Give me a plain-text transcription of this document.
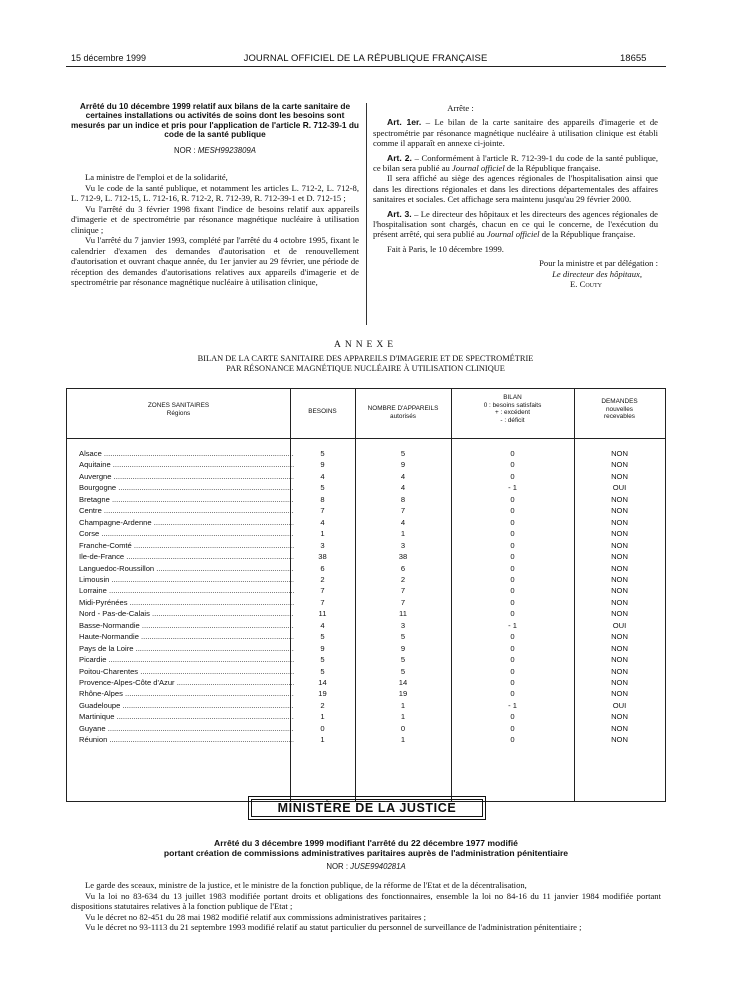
15 décembre 1999	JOURNAL OFFICIEL DE LA RÉPUBLIQUE FRANÇAISE	18655

Arrêté du 10 décembre 1999 relatif aux bilans de la carte sanitaire de certaines installations ou activités de soins dont les besoins sont mesurés par un indice et pris pour l'application de l'article R. 712-39-1 du code de la santé publique

NOR : MESH9923809A

La ministre de l'emploi et de la solidarité,

Vu le code de la santé publique, et notamment les articles L. 712-2, L. 712-8, L. 712-9, L. 712-15, L. 712-16, R. 712-2, R. 712-39, R. 712-39-1 et D. 712-15 ;

Vu l'arrêté du 3 février 1998 fixant l'indice de besoins relatif aux appareils d'imagerie et de spectrométrie par résonance magnétique nucléaire à utilisation clinique ;

Vu l'arrêté du 7 janvier 1993, complété par l'arrêté du 4 octobre 1995, fixant le calendrier d'examen des demandes d'autorisation et de renouvellement d'autorisation et ouvrant chaque année, du 1er janvier au 29 février, une période de réception des demandes d'autorisations relatives aux appareils d'imagerie et de spectrométrie par résonance magnétique nucléaire à utilisation clinique,

Arrête :

Art. 1er. – Le bilan de la carte sanitaire des appareils d'imagerie et de spectrométrie par résonance magnétique nucléaire à utilisation clinique est établi comme il apparaît en annexe ci-jointe.

Art. 2. – Conformément à l'article R. 712-39-1 du code de la santé publique, ce bilan sera publié au Journal officiel de la République française.

Il sera affiché au siège des agences régionales de l'hospitalisation ainsi que dans les directions régionales et dans les directions départementales des affaires sanitaires et sociales. Cet affichage sera maintenu jusqu'au 29 février 2000.

Art. 3. – Le directeur des hôpitaux et les directeurs des agences régionales de l'hospitalisation sont chargés, chacun en ce qui le concerne, de l'exécution du présent arrêté, qui sera publié au Journal officiel de la République française.

Fait à Paris, le 10 décembre 1999.

Pour la ministre et par délégation :

Le directeur des hôpitaux,

E. Couty

ANNEXE
BILAN DE LA CARTE SANITAIRE DES APPAREILS D'IMAGERIE ET DE SPECTROMÉTRIE
PAR RÉSONANCE MAGNÉTIQUE NUCLÉAIRE À UTILISATION CLINIQUE
ZONES SANITAIRES
Régions	BESOINS	NOMBRE D'APPAREILS
autorisés
BILAN
0 : besoins satisfaits
+ : excédent
- : déficit
DEMANDES
nouvelles
recevables
Alsace .....	5	5	0	NON
Aquitaine .....	9	9	0	NON
Auvergne .....	4	4	0	NON
Bourgogne .....	5	4	- 1	OUI
Bretagne .....	8	8	0	NON
Centre .....	7	7	0	NON
Champagne-Ardenne .....	4	4	0	NON
Corse .....	1	1	0	NON
Franche-Comté .....	3	3	0	NON
Ile-de-France .....	38	38	0	NON
Languedoc-Roussillon .....	6	6	0	NON
Limousin .....	2	2	0	NON
Lorraine .....	7	7	0	NON
Midi-Pyrénées .....	7	7	0	NON
Nord - Pas-de-Calais .....	11	11	0	NON
Basse-Normandie .....	4	3	- 1	OUI
Haute-Normandie .....	5	5	0	NON
Pays de la Loire .....	9	9	0	NON
Picardie .....	5	5	0	NON
Poitou-Charentes .....	5	5	0	NON
Provence-Alpes-Côte d'Azur .....	14	14	0	NON
Rhône-Alpes .....	19	19	0	NON
Guadeloupe .....	2	1	- 1	OUI
Martinique .....	1	1	0	NON
Guyane .....	0	0	0	NON
Réunion .....	1	1	0	NON
MINISTÈRE DE LA JUSTICE
Arrêté du 3 décembre 1999 modifiant l'arrêté du 22 décembre 1977 modifié
portant création de commissions administratives paritaires auprès de l'administration pénitentiaire
NOR : JUSE9940281A

Le garde des sceaux, ministre de la justice, et le ministre de la fonction publique, de la réforme de l'Etat et de la décentralisation,

Vu la loi no 83-634 du 13 juillet 1983 modifiée portant droits et obligations des fonctionnaires, ensemble la loi no 84-16 du 11 janvier 1984 modifiée portant dispositions statutaires relatives à la fonction publique de l'Etat ;

Vu le décret no 82-451 du 28 mai 1982 modifié relatif aux commissions administratives paritaires ;

Vu le décret no 93-1113 du 21 septembre 1993 modifié relatif au statut particulier du personnel de surveillance de l'administration pénitentiaire ;
